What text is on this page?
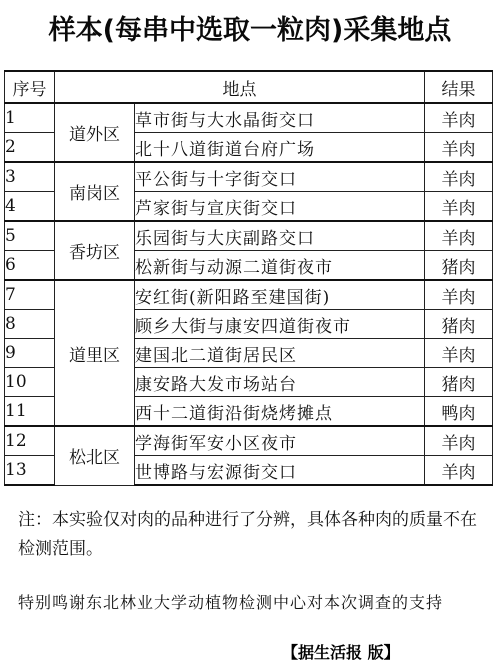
样本(每串中选取一粒肉)采集地点
序号	地点		结果
1	道外区	草市街与大水晶街交口	羊肉
2		北十八道街道台府广场	羊肉
3	南岗区	平公街与十字街交口	羊肉
4		芦家街与宣庆街交口	羊肉
5	香坊区	乐园街与大庆副路交口	羊肉
6		松新街与动源二道街夜市	猪肉
7	道里区	安红街(新阳路至建国街)	羊肉
8		顾乡大街与康安四道街夜市	猪肉
9		建国北二道街居民区	羊肉
10		康安路大发市场站台	猪肉
11		西十二道街沿街烧烤摊点	鸭肉
12	松北区	学海街军安小区夜市	羊肉
13		世博路与宏源街交口	羊肉
注：本实验仅对肉的品种进行了分辨，具体各种肉的质量不在检测范围。
特别鸣谢东北林业大学动植物检测中心对本次调查的支持
【据生活报 版】
